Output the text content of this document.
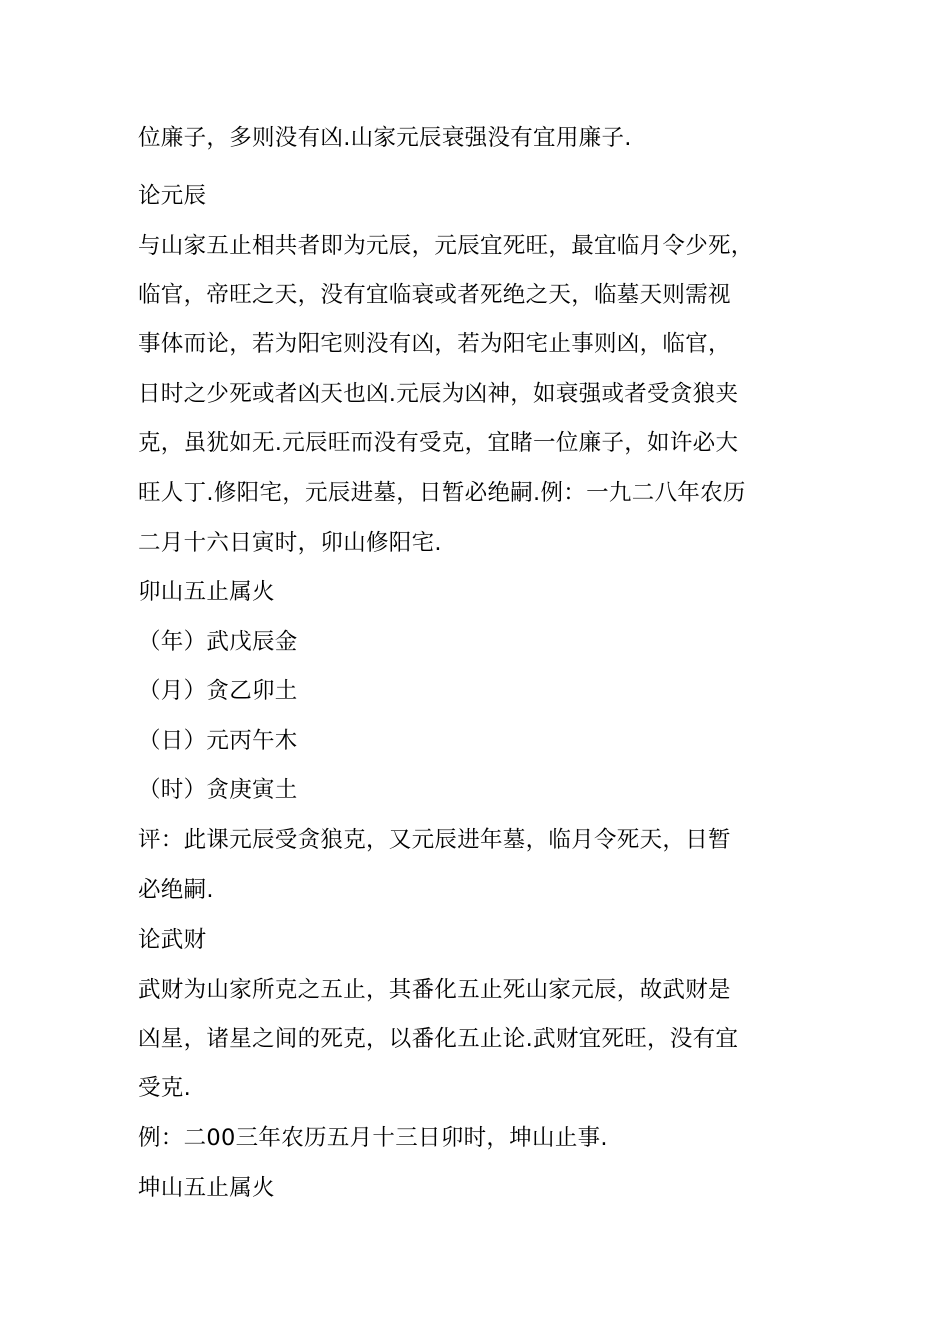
位廉子，多则没有凶.山家元辰衰强没有宜用廉子.
论元辰
与山家五止相共者即为元辰，元辰宜死旺，最宜临月令少死，
临官，帝旺之天，没有宜临衰或者死绝之天，临墓天则需视
事体而论，若为阳宅则没有凶，若为阳宅止事则凶，临官，
日时之少死或者凶天也凶.元辰为凶神，如衰强或者受贪狼夹
克，虽犹如无.元辰旺而没有受克，宜睹一位廉子，如许必大
旺人丁.修阳宅，元辰进墓，日暂必绝嗣.例：一九二八年农历
二月十六日寅时，卯山修阳宅.
卯山五止属火
（年）武戊辰金
（月）贪乙卯土
（日）元丙午木
（时）贪庚寅土
评：此课元辰受贪狼克，又元辰进年墓，临月令死天，日暂
必绝嗣.
论武财
武财为山家所克之五止，其番化五止死山家元辰，故武财是
凶星，诸星之间的死克，以番化五止论.武财宜死旺，没有宜
受克.
例：二00三年农历五月十三日卯时，坤山止事.
坤山五止属火
